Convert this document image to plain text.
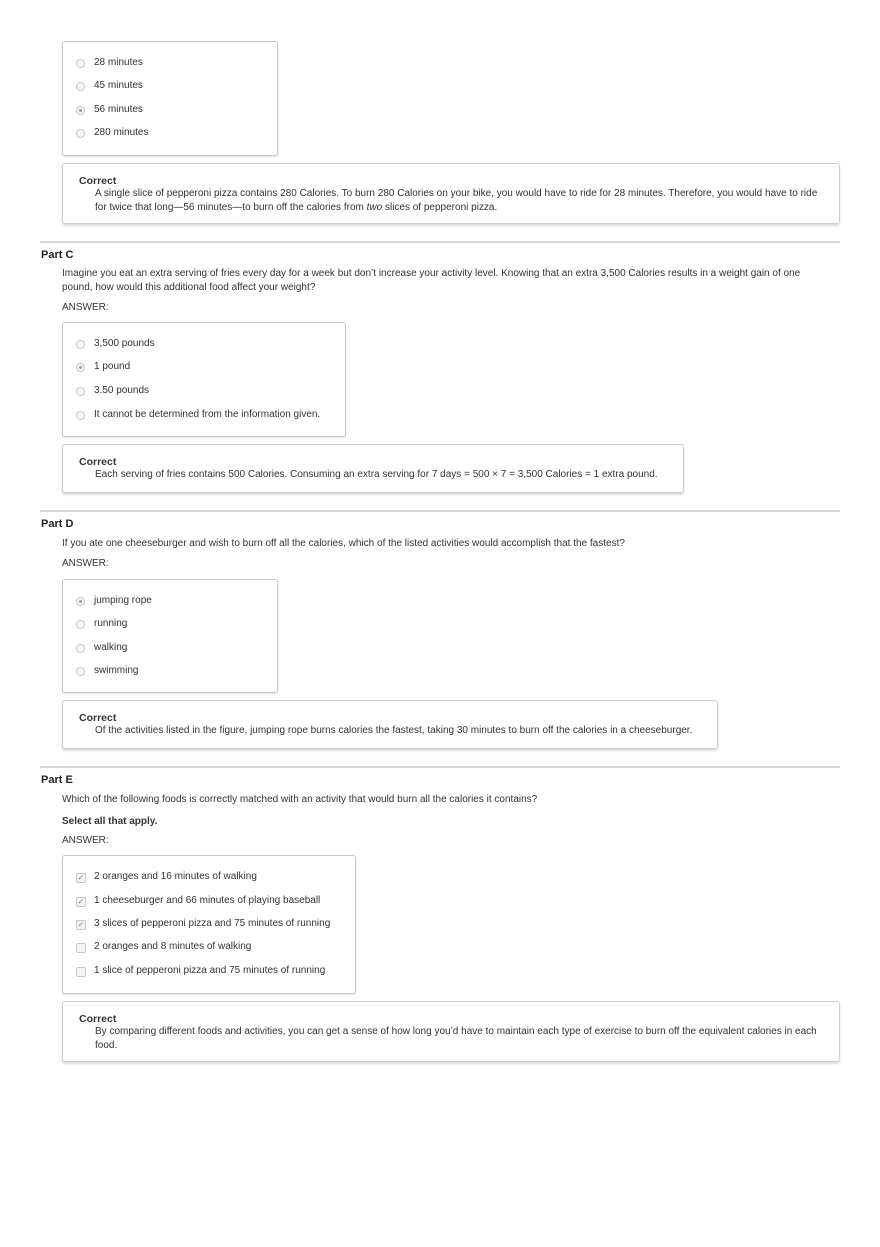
28 minutes
45 minutes
56 minutes
280 minutes
Correct
A single slice of pepperoni pizza contains 280 Calories. To burn 280 Calories on your bike, you would have to ride for 28 minutes. Therefore, you would have to ride for twice that long—56 minutes—to burn off the calories from two slices of pepperoni pizza.
Part C
Imagine you eat an extra serving of fries every day for a week but don’t increase your activity level. Knowing that an extra 3,500 Calories results in a weight gain of one pound, how would this additional food affect your weight?
ANSWER:
3,500 pounds
1 pound
3.50 pounds
It cannot be determined from the information given.
Correct
Each serving of fries contains 500 Calories. Consuming an extra serving for 7 days = 500 × 7 = 3,500 Calories = 1 extra pound.
Part D
If you ate one cheeseburger and wish to burn off all the calories, which of the listed activities would accomplish that the fastest?
ANSWER:
jumping rope
running
walking
swimming
Correct
Of the activities listed in the figure, jumping rope burns calories the fastest, taking 30 minutes to burn off the calories in a cheeseburger.
Part E
Which of the following foods is correctly matched with an activity that would burn all the calories it contains?
Select all that apply.
ANSWER:
✓ 2 oranges and 16 minutes of walking
✓ 1 cheeseburger and 66 minutes of playing baseball
✓ 3 slices of pepperoni pizza and 75 minutes of running
2 oranges and 8 minutes of walking
1 slice of pepperoni pizza and 75 minutes of running
Correct
By comparing different foods and activities, you can get a sense of how long you’d have to maintain each type of exercise to burn off the equivalent calories in each food.
